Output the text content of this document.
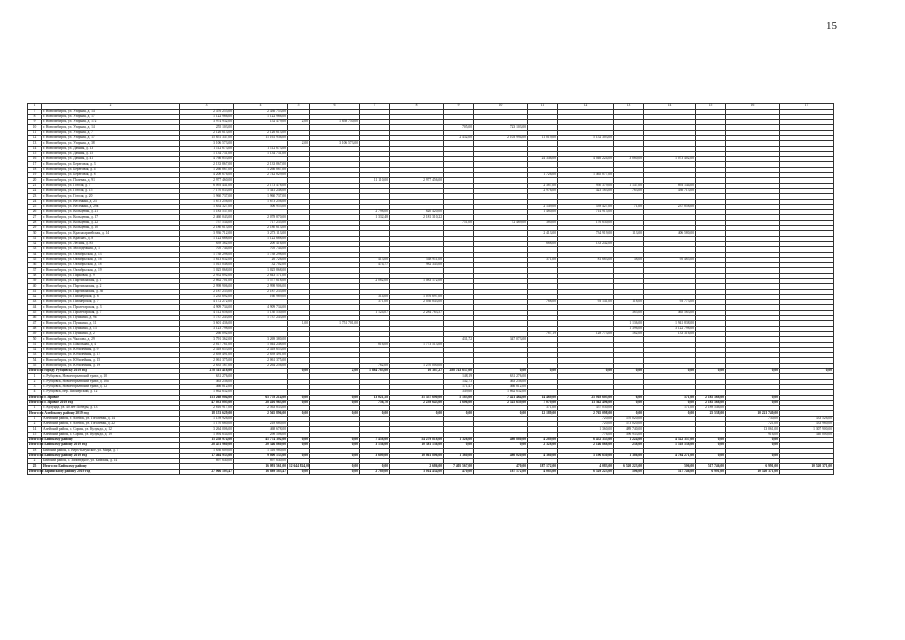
15
1	2	3	4	5	6	7	8	9	10	11	12	13	14	15	16	17
7	г. Новосибирск, ул. Узорная, д. 14	2 476 255,00	2 436 753,00													
8	г. Новосибирск, ул. Узорная, д. 17	1 122 966,00	1 122 966,00													
9	г. Новосибирск, ул. Узорная, д. 172	3 974 932,00	152 479,00	2,00	1 858 750,00											
10	г. Новосибирск, ул. Узорная, д. 14	255 103,00						705,00	723 103,00							
11	г. Новосибирск, ул. Узорная, д. 7	2 126 613,00	2 126 613,00													
12	г. Новосибирск, ул. Узорная, д. 17	15 851 347,00	11 161 936,00					2 432,00	2 103 994,00	11 019,00	5 152 303,00					
13	г. Новосибирск, ул. Узорная, д. 38	3 106 573,00		2,00	3 106 573,00											
14	г. Новосибирск, ул. Дачная, д. 13	1 112 673,00	1 112 673,00													
15	г. Новосибирск, ул. Дачная, д. 15	1 134 731,00	1 134 731,00													
16	г. Новосибирск, ул. Дачная, д. 41	4 766 853,00								24 346,00	4 046 224,00	3 060,00	1 073 402,00			
17	г. Новосибирск, ул. Береговая, д. 3	2 133 867,00	2 133 867,00													
18	г. Новосибирск, ул. Береговая, д. 4	1 266 867,00	1 266 867,00													
19	г. Новосибирск, ул. Береговая, д. 8	4 208 676,00	2 742 829,00							1 726,00	1 465 877,00					
20	г. Новосибирск, ул. Полевая, д. 91	2 977 460,00				11 110,00	2 977 456,00									
21	г. Новосибирск, ул. Гоголя, д. 7	6 093 441,00	2 173 478,00							2 387,00	950 379,00	1 147,00	893 144,00			
22	г. Новосибирск, ул. Гоголя, д. 15	7 170 833,00	1 341 248,00							2 976,00	423 163,00	763,00	436 713,00			
23	г. Новосибирск, ул. Гоголя, д. 20	1 960 737,00	1 960 737,00													
24	г. Новосибирск, ул. Весенняя, д. 23	1 673 256,00	1 673 256,00													
25	г. Новосибирск, ул. Весенняя, д. 29а	1 634 327,00	506 955,00							2 149,00	539 427,00	71,00	237 858,00			
26	г. Новосибирск, ул. Кольцевая, д. 21	1 183 537,00				2 798,00	620 420,00			1 460,00	714 915,00					
27	г. Новосибирск, ул. Кольцевая, д. 17	2 460 043,00	2 078 870,00			1 332,48	2 181 310,22									
28	г. Новосибирск, ул. Кольцевая, д. 22	757 534,00	717 235,00					751,00	72 469,00	380,00	176 630,00					
29	г. Новосибирск, ул. Кольцевая, д. 10	2 180 613,00	2 180 613,00													
30	г. Новосибирск, ул. Красноармейская, д. 14	3 936 712,00	3 273 113,00							2 413,00	734 919,00	113,00	406 580,00			
31	г. Новосибирск, ул. Краснах, д. 8	1 122 688,00	1 122 688,00													
32	г. Новосибирск, ул. Лесная, д. 85	639 362,00	200 416,00							668,00	133 242,00					
33	г. Новосибирск, ул. Молодёжная, д. 1	705 744,00	705 744,00													
34	г. Новосибирск, ул. Октябрьская, д. 13	1 738 298,00	1 738 298,00													
35	г. Новосибирск, ул. Октябрьская, д. 16	1 613 632,00	26 726,00			413,00	548 911,00			371,00	81 683,00	38,00	95 465,00			
36	г. Новосибирск, ул. Октябрьская, д. 18	1 015 048,00	32 702,00			474,77	982 345,00									
37	г. Новосибирск, ул. Октябрьская, д. 19	1 025 868,00	1 025 868,00													
38	г. Новосибирск, ул. Парковая, д. 9	2 952 892,00	2 843 171,00													
39	г. Новосибирск, ул. Партизанская, д. 1	2 862 701,00	1 577 618,00			2 082,00	1 083 172,00									
40	г. Новосибирск, ул. Партизанская, д. 2	2 998 906,00	2 998 906,00													
41	г. Новосибирск, ул. Партизанская, д. 36	2 187 235,00	2 187 235,00													
42	г. Новосибирск, ул. Пионерская, д. 6	1 235 692,00	160 989,00			314,00	1 076 697,00									
43	г. Новосибирск, ул. Пионерская, д. 7	4 172 272,00				371,00	2 036 843,00			768,00	93 141,00	118,00	93 773,00			
44	г. Новосибирск, ул. Пролетарская, д. 3	4 909 734,00	4 909 734,00													
45	г. Новосибирск, ул. Пролетарская, д. 7	4 112 656,00	1 130 530,00			1 124,07	2 284 763,57					365,00	465 563,00			
46	г. Новосибирск, ул. Пушкина, д. 9а	1 737 243,00	1 737 243,00													
47	г. Новосибирск, ул. Пушкина, д. 11	3 601 436,00		1,00	1 751 701,00							1 136,00	1 941 838,00			
48	г. Новосибирск, ул. Пушкина, д. 13	3 123 798,00										1 396,00	3 122 798,00			
49	г. Новосибирск, ул. Пушкина, д. 2	266 092,00								787,19	128 773,00	162,00	133 316,00			
50	г. Новосибирск, ул. Чкалова, д. 29	3 791 362,00	3 269 380,00					431,72	347 073,00							
51	г. Новосибирск, ул. Школьная, д. 4	2 817 761,00	1 044 248,00			816,00	1 773 513,00									
52	г. Новосибирск, ул. Юбилейная, д. 9	2 418 653,00	2 418 653,00													
53	г. Новосибирск, ул. Юбилейная, д. 17	2 839 491,00	2 839 491,00													
54	г. Новосибирск, ул. Юбилейная, д. 15	2 061 375,00	2 061 375,00													
55	г. Новосибирск, ул. Юбилейная, д. 19	2 635 167,00	2 264 256,00			762,00	1 270 000,00									
Итого по городу Рубцовску 2019 год		278 315 418,00		0,00	2,00	1 884 783,00	10 387,27	288 743 637,00	0,00	0,00	0,00	0,00	0,00	0,00	0,00	0,00
1	с. Рубцовск, Новоегорьевский тракт, д. 10	631 276,00						148,19	631 276,00							
2	с. Рубцовск, Новоегорьевский тракт, д. 10а	463 236,00						142,73	463 236,00							
3	с. Рубцовск, Новоегорьевский тракт, д. 12	466 812,00						171,47	466 812,00							
4	с. Рубцовск, пер. Пионерский, д. 12	1 862 632,00						349,60	1 862 632,00							
Итого по г. Яровое		153 268 004,00	65 778 214,00	0,00	0,00	13 021,58	31 557 690,00	5 183,00	7 421 464,00	14 469,00	25 918 605,00	6,00	571,00	2 185 568,00	0,00	
Итого по г. Яровое 2019 год		47 033 095,00	28 416 963,00	0,00	0,00	756,70	2 239 643,00	1 606,00	2 525 659,00	7 079,00	13 362 496,00	0,00	0,00	2 185 568,00	0,00	
1	с. Кулунда, ул. 40 лет Победы, д. 13	2 816 917,00	2 563 833,00							371,00	357 030,00		171,00	2 189 546,00		
Итого по Алейскому району 2019 год		18 153 629,00	2 565 896,00	0,00	0,00	0,00	0,00	0,00	0,00	12 189,00	2 765 098,00	0,00	0,00	25 538,00	10 221 740,00	
1	Алейский район, г. Алейск, ул. Гоголевая, д. 14	1 159 926,00									720,00	370 020,00			730,00	333 526,00
2	Алейский район, г. Алейск, ул. Гоголевая, д. 22	1 170 660,00	218 680,00								720,00	373 020,00			721,00	333 960,00
14	Алейский район, с. Сорин, ул. Кулунда, д. 12	3 264 006,00	468 678,00								1 360,00	489 740,00			13 061,00	1 307 900,00
15	Алейский район, с. Сорин, ул. Кулунда, д. 19	1 094 634,00	298 506,00								776,00	396 933,00			916,00	340 000,00
Итого по Бийскому району		15 258 974,00	41 774 392,00	0,00	0,00	7 458,00	54 279 818,00	1 326,00	480 880,00	4 289,00	6 452 355,00	1 224,00	4 522 357,00	0,00	0,00	
Итого по Бийскому району 2019 год		28 451 960,00	20 346 860,00	0,00	0,00	3 136,00	10 381 136,00	0,00	0,00	2 328,00	2 146 868,00	238,00	1 518 538,00	0,00	0,00	
18	Бийский район, с. Верх-Катунское, ул. Мира, д. 7	1 636 609,00	1 316 980,00													
Итого по Бийскому району 2019 год		17 464 933,00	9 800 133,00	0,00	0,00	3 609,00	10 861 806,00	1 360,00	480 020,00	4 360,00	5 196 650,00	1 386,00	4 784 271,00	0,00	0,00	
2	Бийский район, с. Заповедное, ул. Бийская, д. 14	897 640,00	897 640,00													
25	Итого по Бийскому району		16 093 561,00	12 644 824,00	0,00	0,00	2 686,00	7 405 567,00	470,00	187 172,00	4 083,00	6 520 223,00	506,00	517 746,00	6 991,00	10 520 371,00
Итого по Заринскому району 2019 год		27 066 103,47	16 889 583,47	0,00	0,00	2 789,00	3 014 434,00	470,00	187 172,00	4 083,00	6 529 223,00	506,00	517 746,00	6 991,00	10 520 371,00	
